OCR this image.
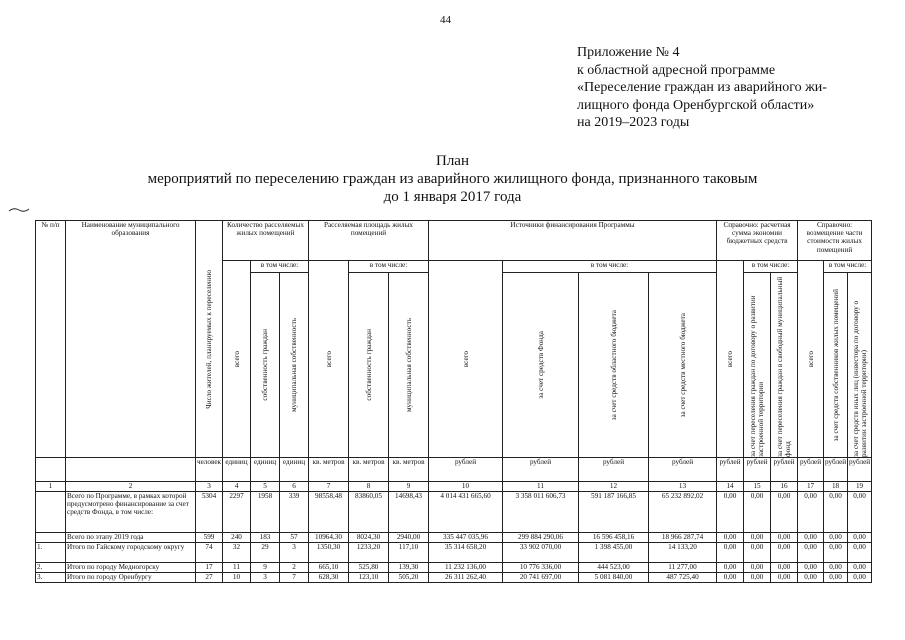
44
Приложение № 4
к областной адресной программе
«Переселение граждан из аварийного жи-
лищного фонда Оренбургской области»
на 2019–2023 годы
План
мероприятий по переселению граждан из аварийного жилищного фонда, признанного таковым
до 1 января 2017 года
№ п/п	Наименование муниципального образования	Число жителей, планируемых к переселению	Количество расселяемых жилых помещений			Расселяемая площадь жилых помещений			Источники финансирования Программы				Справочно: расчетная сумма экономии бюджетных средств			Справочно: возмещение части стоимости жилых помещений		

			всего	в том числе:		всего	в том числе:		всего	в том числе:			всего	в том числе:		всего	в том числе:	

				собственность граждан	муниципальная собственность		собственность граждан	муниципальная собственность		за счет средств Фонда	за счет средств областного бюджета	за счет средств местного бюджета		за счет переселения граждан по договору о развитии застроенной территории	за счет переселения граждан в свободный муниципальный фонд		за счет средств собственников жилых помещений	за счет средств иных лиц (инвестора по договору о развитии застроенной территории)

		человек	единиц	единиц	единиц	кв. метров	кв. метров	кв. метров	рублей	рублей	рублей	рублей	рублей	рублей	рублей	рублей	рублей	рублей
1	2	3	4	5	6	7	8	9	10	11	12	13	14	15	16	17	18	19
	Всего по Программе, в рамках которой предусмотрено финансирование за счет средств Фонда, в том числе:	5304	2297	1958	339	98558,48	83860,05	14698,43	4 014 431 665,60	3 358 011 606,73	591 187 166,85	65 232 892,02	0,00	0,00	0,00	0,00	0,00	0,00
	Всего по этапу 2019 года	599	240	183	57	10964,30	8024,30	2940,00	335 447 035,96	299 884 290,06	16 596 458,16	18 966 287,74	0,00	0,00	0,00	0,00	0,00	0,00
1.	Итого по Гайскому городскому округу	74	32	29	3	1350,30	1233,20	117,10	35 314 658,20	33 902 070,00	1 398 455,00	14 133,20	0,00	0,00	0,00	0,00	0,00	0,00
2.	Итого по городу Медногорску	17	11	9	2	665,10	525,80	139,30	11 232 136,00	10 776 336,00	444 523,00	11 277,00	0,00	0,00	0,00	0,00	0,00	0,00
3.	Итого по городу Оренбургу	27	10	3	7	628,30	123,10	505,20	26 311 262,40	20 741 697,00	5 081 840,00	487 725,40	0,00	0,00	0,00	0,00	0,00	0,00
